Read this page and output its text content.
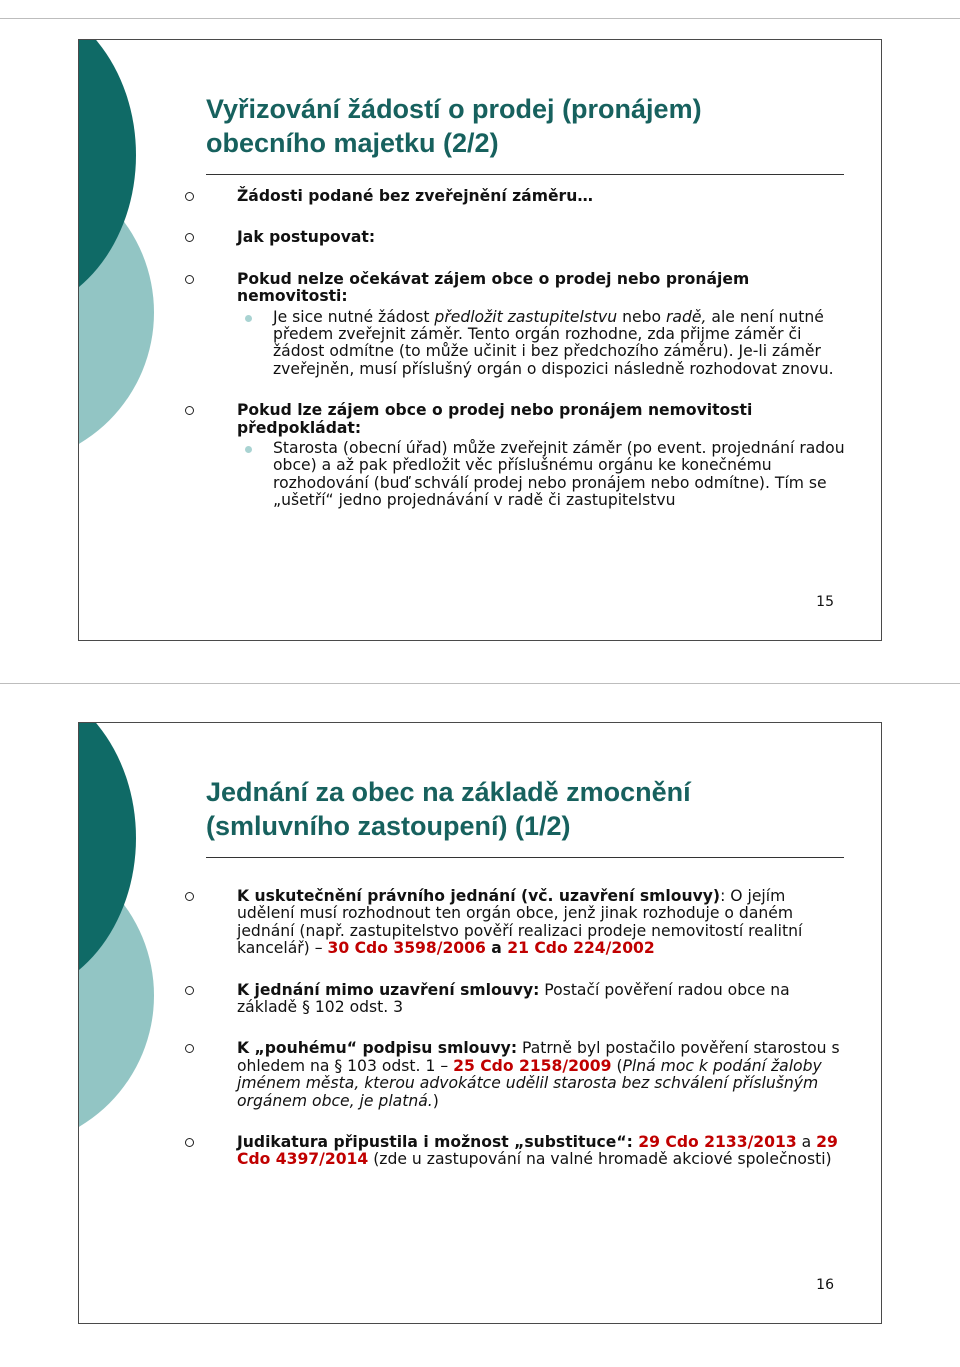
Vyřizování žádostí o prodej (pronájem)
obecního majetku (2/2)
Žádosti podané bez zveřejnění záměru…
Jak postupovat:
Pokud nelze očekávat zájem obce o prodej nebo pronájem nemovitosti:
Je sice nutné žádost předložit zastupitelstvu nebo radě, ale není nutné předem zveřejnit záměr. Tento orgán rozhodne, zda přijme záměr či žádost odmítne (to může učinit i bez předchozího záměru). Je-li záměr zveřejněn, musí příslušný orgán o dispozici následně rozhodovat znovu.
Pokud lze zájem obce o prodej nebo pronájem nemovitosti předpokládat:
Starosta (obecní úřad) může zveřejnit záměr (po event. projednání radou obce) a až pak předložit věc příslušnému orgánu ke konečnému rozhodování (buď schválí prodej nebo pronájem nebo odmítne). Tím se „ušetří“ jedno projednávání v radě či zastupitelstvu
15
Jednání za obec na základě zmocnění
(smluvního zastoupení) (1/2)
K uskutečnění právního jednání (vč. uzavření smlouvy): O jejím udělení musí rozhodnout ten orgán obce, jenž jinak rozhoduje o daném jednání (např. zastupitelstvo pověří realizaci prodeje nemovitostí realitní kancelář) – 30 Cdo 3598/2006 a 21 Cdo 224/2002
K jednání mimo uzavření smlouvy: Postačí pověření radou obce na základě § 102 odst. 3
K „pouhému“ podpisu smlouvy: Patrně byl postačilo pověření starostou s ohledem na § 103 odst. 1 – 25 Cdo 2158/2009 (Plná moc k podání žaloby jménem města, kterou advokátce udělil starosta bez schválení příslušným orgánem obce, je platná.)
Judikatura připustila i možnost „substituce“: 29 Cdo 2133/2013 a 29 Cdo 4397/2014 (zde u zastupování na valné hromadě akciové společnosti)
16
